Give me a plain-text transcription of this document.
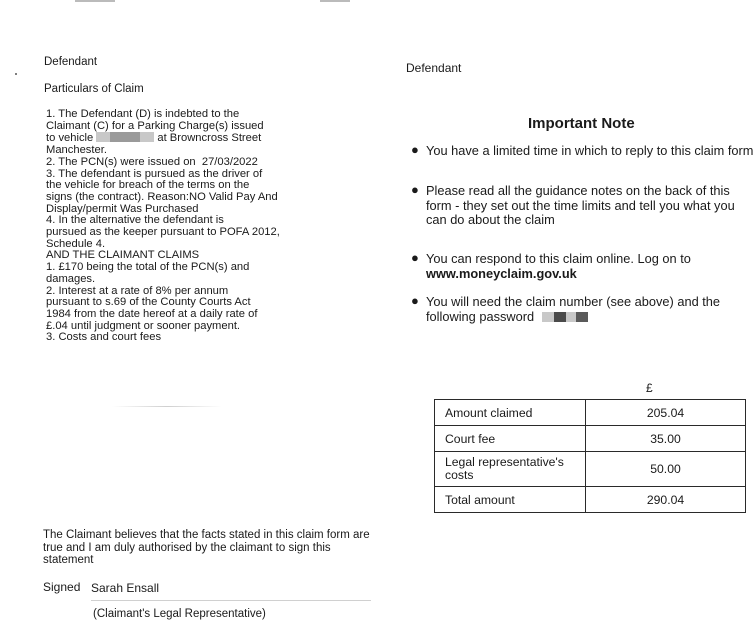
Defendant
Particulars of Claim
1. The Defendant (D) is indebted to the
Claimant (C) for a Parking Charge(s) issued
to vehicle	at Browncross Street
Manchester.
2. The PCN(s) were issued on  27/03/2022
3. The defendant is pursued as the driver of
the vehicle for breach of the terms on the
signs (the contract). Reason:NO Valid Pay And
Display/permit Was Purchased
4. In the alternative the defendant is
pursued as the keeper pursuant to POFA 2012,
Schedule 4.
AND THE CLAIMANT CLAIMS
1. £170 being the total of the PCN(s) and
damages.
2. Interest at a rate of 8% per annum
pursuant to s.69 of the County Courts Act
1984 from the date hereof at a daily rate of
£.04 until judgment or sooner payment.
3. Costs and court fees
The Claimant believes that the facts stated in this claim form are true and I am duly authorised by the claimant to sign this statement
Signed Sarah Ensall
(Claimant's Legal Representative)
Defendant
Important Note
● You have a limited time in which to reply to this claim form
● Please read all the guidance notes on the back of this form - they set out the time limits and tell you what you can do about the claim
● You can respond to this claim online. Log on to
www.moneyclaim.gov.uk
● You will need the claim number (see above) and the following password
£
Amount claimed	205.04
Court fee	35.00
Legal representative's costs	50.00
Total amount	290.04
